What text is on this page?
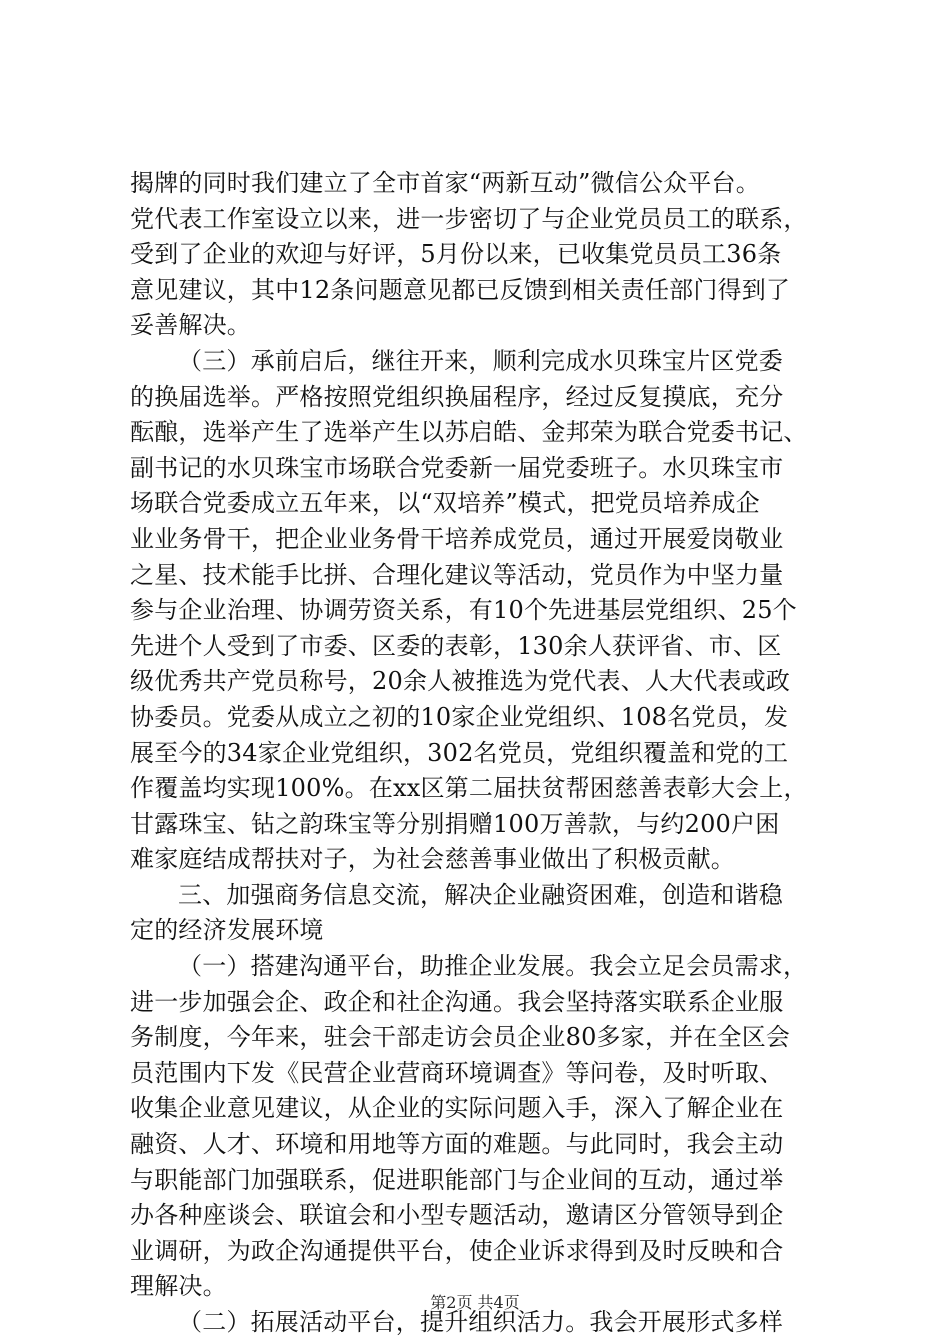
揭牌的同时我们建立了全市首家“两新互动”微信公众平台。
党代表工作室设立以来，进一步密切了与企业党员员工的联系，
受到了企业的欢迎与好评，5月份以来，已收集党员员工36条
意见建议，其中12条问题意见都已反馈到相关责任部门得到了
妥善解决。
（三）承前启后，继往开来，顺利完成水贝珠宝片区党委
的换届选举。严格按照党组织换届程序，经过反复摸底，充分
酝酿，选举产生了选举产生以苏启皓、金邦荣为联合党委书记、
副书记的水贝珠宝市场联合党委新一届党委班子。水贝珠宝市
场联合党委成立五年来，以“双培养”模式，把党员培养成企
业业务骨干，把企业业务骨干培养成党员，通过开展爱岗敬业
之星、技术能手比拼、合理化建议等活动，党员作为中坚力量
参与企业治理、协调劳资关系，有10个先进基层党组织、25个
先进个人受到了市委、区委的表彰，130余人获评省、市、区
级优秀共产党员称号，20余人被推选为党代表、人大代表或政
协委员。党委从成立之初的10家企业党组织、108名党员，发
展至今的34家企业党组织，302名党员，党组织覆盖和党的工
作覆盖均实现100%。在xx区第二届扶贫帮困慈善表彰大会上，
甘露珠宝、钻之韵珠宝等分别捐赠100万善款，与约200户困
难家庭结成帮扶对子，为社会慈善事业做出了积极贡献。
三、加强商务信息交流，解决企业融资困难，创造和谐稳
定的经济发展环境
（一）搭建沟通平台，助推企业发展。我会立足会员需求，
进一步加强会企、政企和社企沟通。我会坚持落实联系企业服
务制度，今年来，驻会干部走访会员企业80多家，并在全区会
员范围内下发《民营企业营商环境调查》等问卷，及时听取、
收集企业意见建议，从企业的实际问题入手，深入了解企业在
融资、人才、环境和用地等方面的难题。与此同时，我会主动
与职能部门加强联系，促进职能部门与企业间的互动，通过举
办各种座谈会、联谊会和小型专题活动，邀请区分管领导到企
业调研，为政企沟通提供平台，使企业诉求得到及时反映和合
理解决。
（二）拓展活动平台，提升组织活力。我会开展形式多样
第2页 共4页
